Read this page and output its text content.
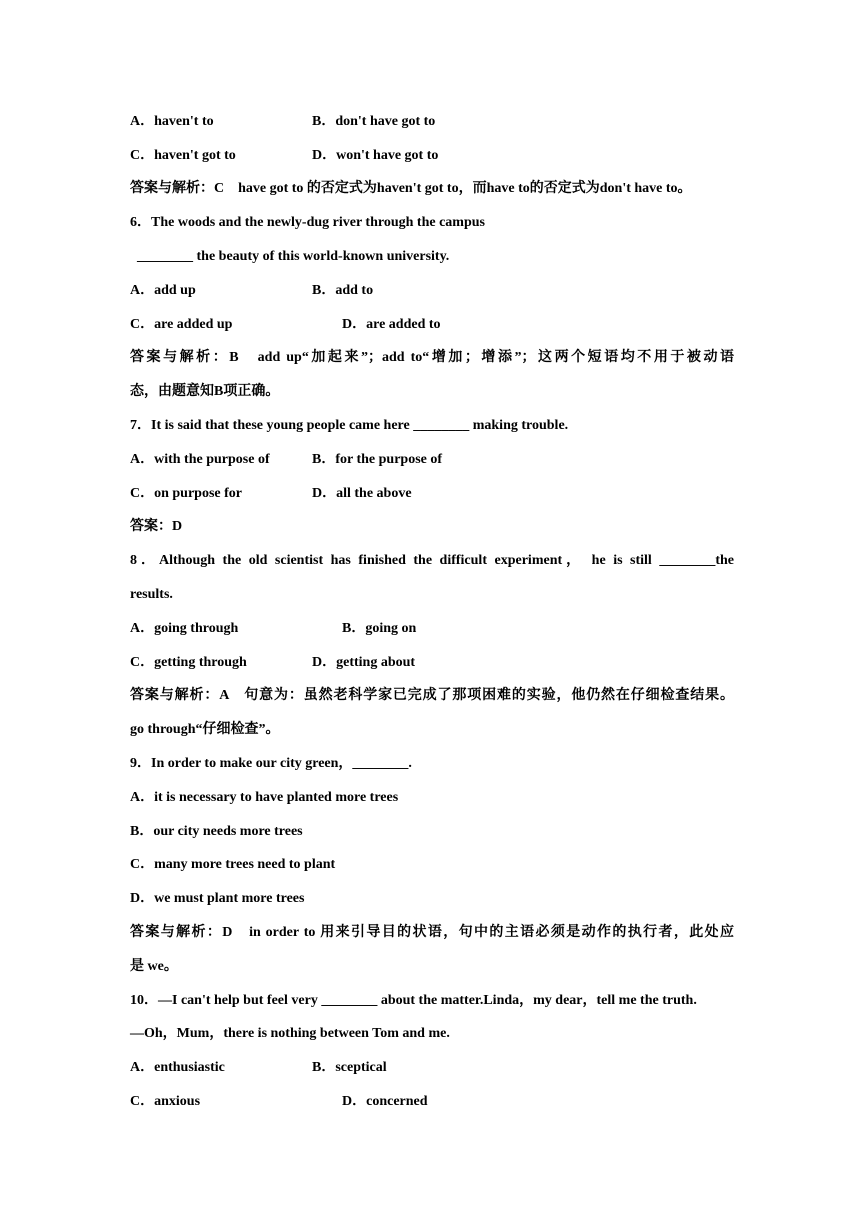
A．haven't to	B．don't have got to
C．haven't got to	D．won't have got to
答案与解析：C　have got to 的否定式为haven't got to，而have to的否定式为don't have to。
6．The woods and the newly-dug river through the campus
________ the beauty of this world-known university.
A．add up	B．add to
C．are added up	D．are added to
答案与解析：B　add up“加起来”；add to“增加；增添”；这两个短语均不用于被动语
态，由题意知B项正确。
7．It is said that these young people came here ________ making trouble.
A．with the purpose of	B．for the purpose of
C．on purpose for	D．all the above
答案：D
8．Although the old scientist has finished the difficult experiment， he is still ________the
results.
A．going through	B．going on
C．getting through	D．getting about
答案与解析：A　句意为：虽然老科学家已完成了那项困难的实验，他仍然在仔细检查结果。
go through“仔细检查”。
9．In order to make our city green，________.
A．it is necessary to have planted more trees
B．our city needs more trees
C．many more trees need to plant
D．we must plant more trees
答案与解析：D　in order to 用来引导目的状语，句中的主语必须是动作的执行者，此处应
是 we。
10．—I can't help but feel very ________ about the matter.Linda，my dear，tell me the truth.
—Oh，Mum，there is nothing between Tom and me.
A．enthusiastic	B．sceptical
C．anxious	D．concerned
